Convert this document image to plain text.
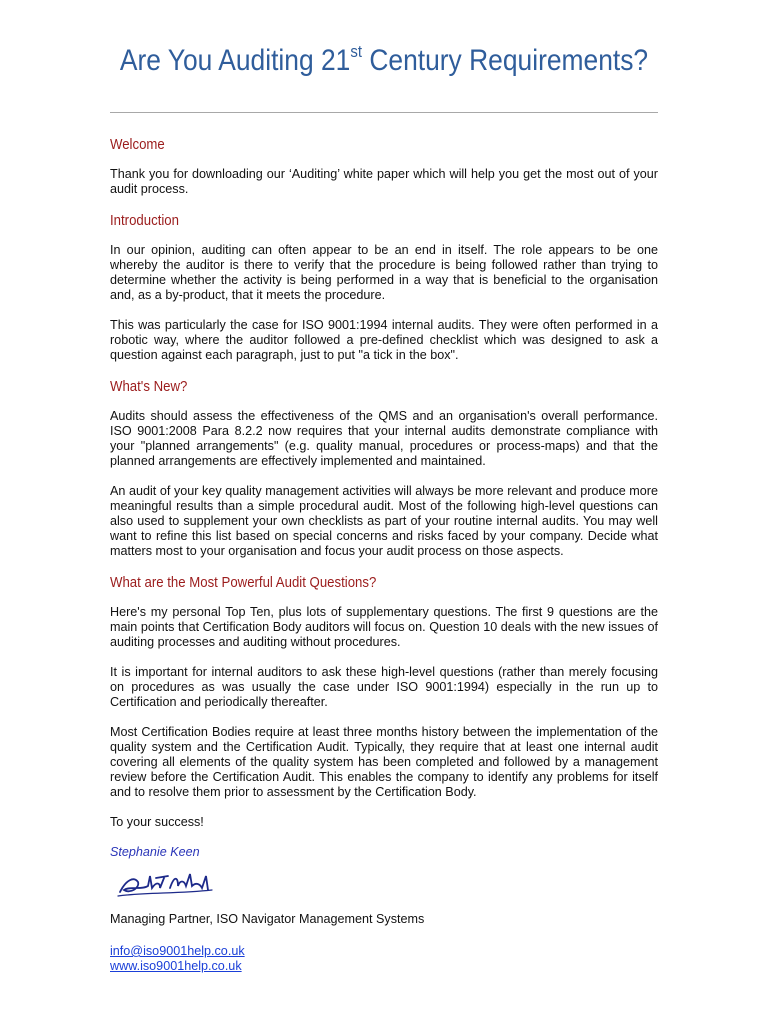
Are You Auditing 21st Century Requirements?
Welcome

Thank you for downloading our ‘Auditing’ white paper which will help you get the most out of your audit process.

Introduction

In our opinion, auditing can often appear to be an end in itself. The role appears to be one whereby the auditor is there to verify that the procedure is being followed rather than trying to determine whether the activity is being performed in a way that is beneficial to the organisation and, as a by-product, that it meets the procedure.

This was particularly the case for ISO 9001:1994 internal audits. They were often performed in a robotic way, where the auditor followed a pre-defined checklist which was designed to ask a question against each paragraph, just to put "a tick in the box".

What's New?

Audits should assess the effectiveness of the QMS and an organisation's overall performance. ISO 9001:2008 Para 8.2.2 now requires that your internal audits demonstrate compliance with your "planned arrangements" (e.g. quality manual, procedures or process-maps) and that the planned arrangements are effectively implemented and maintained.

An audit of your key quality management activities will always be more relevant and produce more meaningful results than a simple procedural audit. Most of the following high-level questions can also used to supplement your own checklists as part of your routine internal audits. You may well want to refine this list based on special concerns and risks faced by your company. Decide what matters most to your organisation and focus your audit process on those aspects.

What are the Most Powerful Audit Questions?

Here's my personal Top Ten, plus lots of supplementary questions. The first 9 questions are the main points that Certification Body auditors will focus on. Question 10 deals with the new issues of auditing processes and auditing without procedures.

It is important for internal auditors to ask these high-level questions (rather than merely focusing on procedures as was usually the case under ISO 9001:1994) especially in the run up to Certification and periodically thereafter.

Most Certification Bodies require at least three months history between the implementation of the quality system and the Certification Audit. Typically, they require that at least one internal audit covering all elements of the quality system has been completed and followed by a management review before the Certification Audit. This enables the company to identify any problems for itself and to resolve them prior to assessment by the Certification Body.

To your success!

Stephanie Keen
Managing Partner, ISO Navigator Management Systems
info@iso9001help.co.uk
www.iso9001help.co.uk
